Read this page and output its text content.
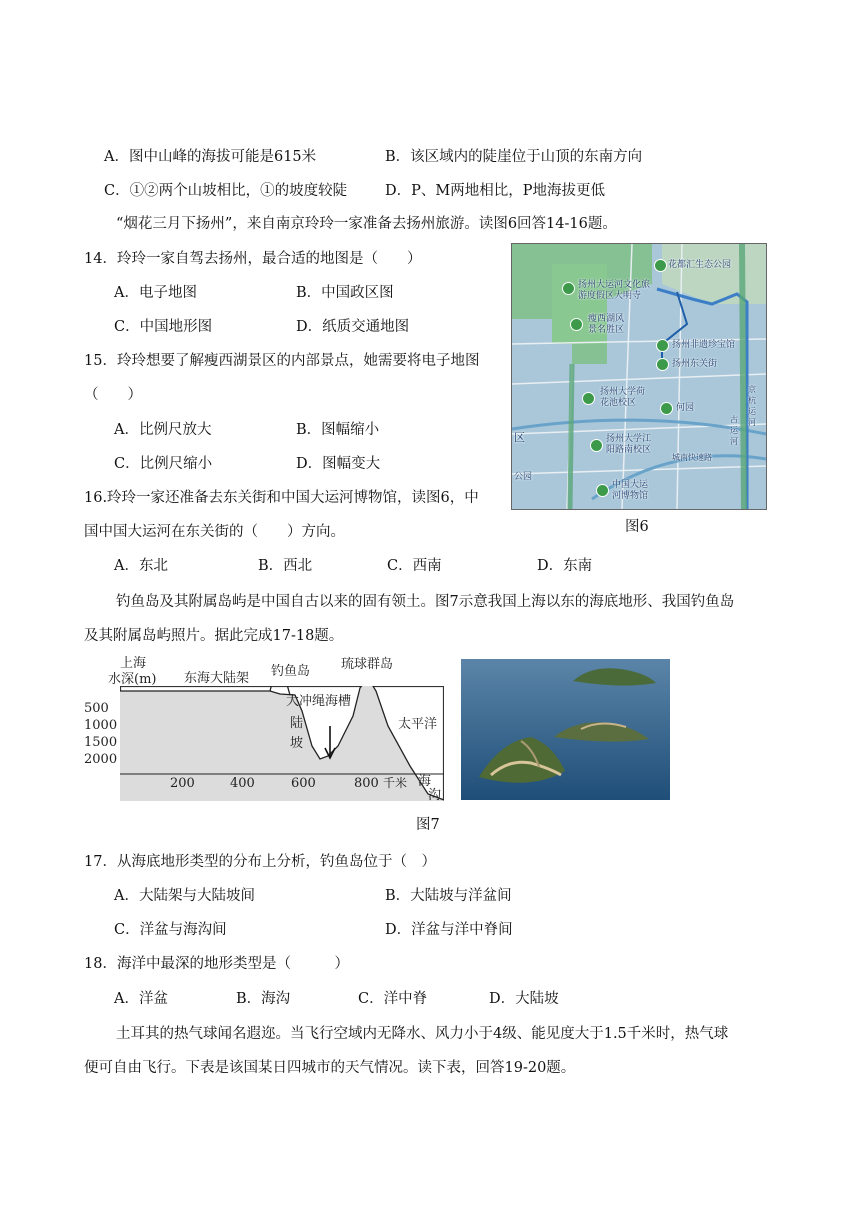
A．图中山峰的海拔可能是615米	B．该区域内的陡崖位于山顶的东南方向
C．①②两个山坡相比，①的坡度较陡	D．P、M两地相比，P地海拔更低
“烟花三月下扬州”，来自南京玲玲一家准备去扬州旅游。读图6回答14-16题。
14．玲玲一家自驾去扬州，最合适的地图是（　　）
A．电子地图	B．中国政区图
C．中国地形图	D．纸质交通地图
15．玲玲想要了解瘦西湖景区的内部景点，她需要将电子地图
（　　）
A．比例尺放大	B．图幅缩小
C．比例尺缩小	D．图幅变大
16.玲玲一家还准备去东关街和中国大运河博物馆，读图6，中
国中国大运河在东关街的（　　）方向。
A．东北	B．西北	C．西南	D．东南
花都汇生态公园
扬州大运河文化旅
游度假区大明寺
瘦西湖风
景名胜区
扬州非遗珍宝馆
扬州东关街
扬州大学荷
花池校区	何园
扬州大学江
阳路南校区
中国大运
河博物馆
城南快速路
区
京杭运河
古运河
公园
图6
钓鱼岛及其附属岛屿是中国自古以来的固有领土。图7示意我国上海以东的海底地形、我国钓鱼岛
及其附属岛屿照片。据此完成17-18题。
上海
水深(m) 东海大陆架 钓鱼岛 琉球群岛
500
1000
1500
2000
200	400	600	800 千米
大 冲绳海槽
陆
坡
太平洋
海
沟
图7
17．从海底地形类型的分布上分析，钓鱼岛位于（　）
A．大陆架与大陆坡间	B．大陆坡与洋盆间
C．洋盆与海沟间	D．洋盆与洋中脊间
18．海洋中最深的地形类型是（　　　）
A．洋盆	B．海沟	C．洋中脊	D．大陆坡
土耳其的热气球闻名遐迩。当飞行空域内无降水、风力小于4级、能见度大于1.5千米时，热气球
便可自由飞行。下表是该国某日四城市的天气情况。读下表，回答19-20题。
